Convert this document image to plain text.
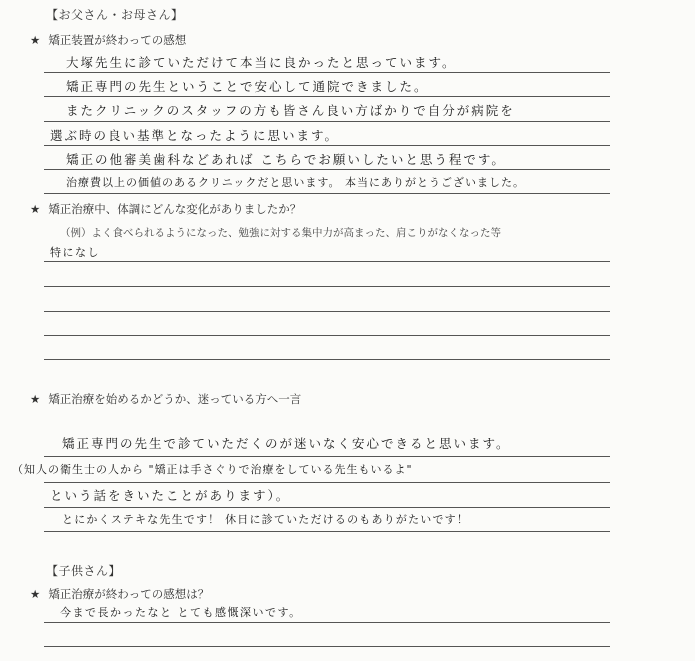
【お父さん・お母さん】
★ 矯正装置が終わっての感想
大塚先生に診ていただけて本当に良かったと思っています。
矯正専門の先生ということで安心して通院できました。
またクリニックのスタッフの方も皆さん良い方ばかりで自分が病院を
選ぶ時の良い基準となったように思います。
矯正の他審美歯科などあれば こちらでお願いしたいと思う程です。
治療費以上の価値のあるクリニックだと思います。 本当にありがとうございました。
★ 矯正治療中、体調にどんな変化がありましたか？
（例）よく食べられるようになった、勉強に対する集中力が高まった、肩こりがなくなった等
特になし
★ 矯正治療を始めるかどうか、迷っている方へ一言
矯正専門の先生で診ていただくのが迷いなく安心できると思います。
（知人の衛生士の人から "矯正は手さぐりで治療をしている先生もいるよ"
という話をきいたことがあります）。
とにかくステキな先生です！ 休日に診ていただけるのもありがたいです！
【子供さん】
★ 矯正治療が終わっての感想は？
今まで長かったなと とても感慨深いです。
